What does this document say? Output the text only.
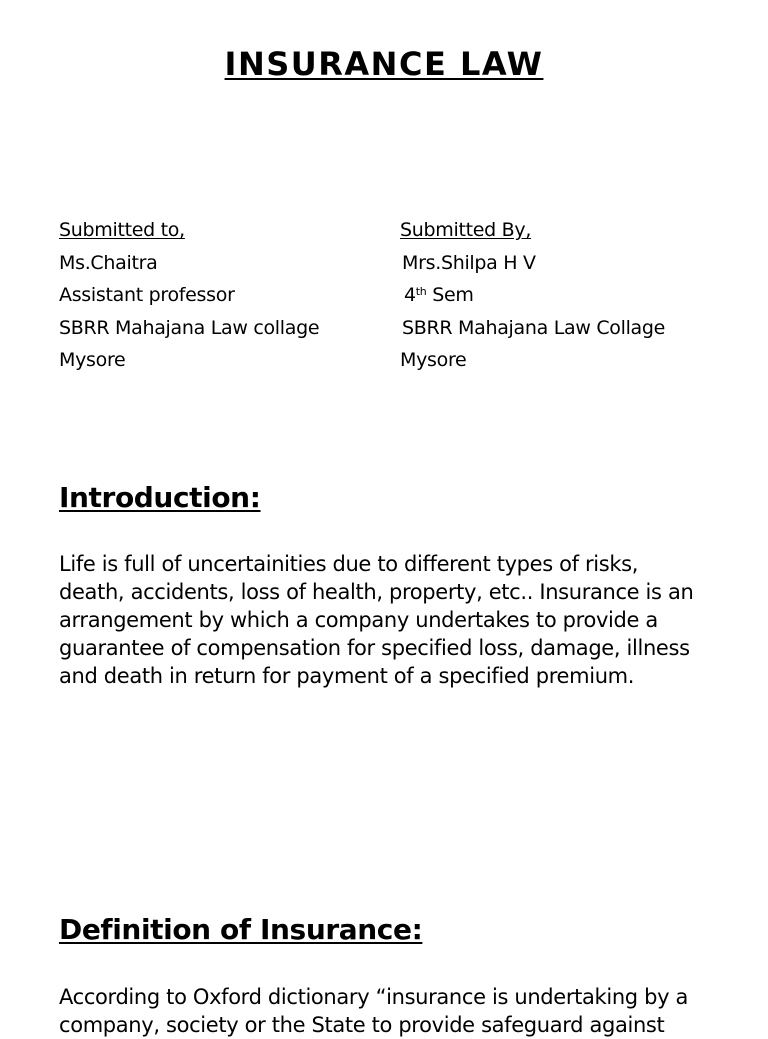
INSURANCE LAW
Submitted to,
Ms.Chaitra
Assistant professor
SBRR Mahajana Law collage
Mysore
Submitted By,
Mrs.Shilpa H V
4th Sem
SBRR Mahajana Law Collage
Mysore
Introduction:
Life is full of uncertainities due to different types of risks,
death, accidents, loss of health, property, etc.. Insurance is an
arrangement by which a company undertakes to provide a
guarantee of compensation for specified loss, damage, illness
and death in return for payment of a specified premium.
Definition of Insurance:
According to Oxford dictionary “insurance is undertaking by a
company, society or the State to provide safeguard against
